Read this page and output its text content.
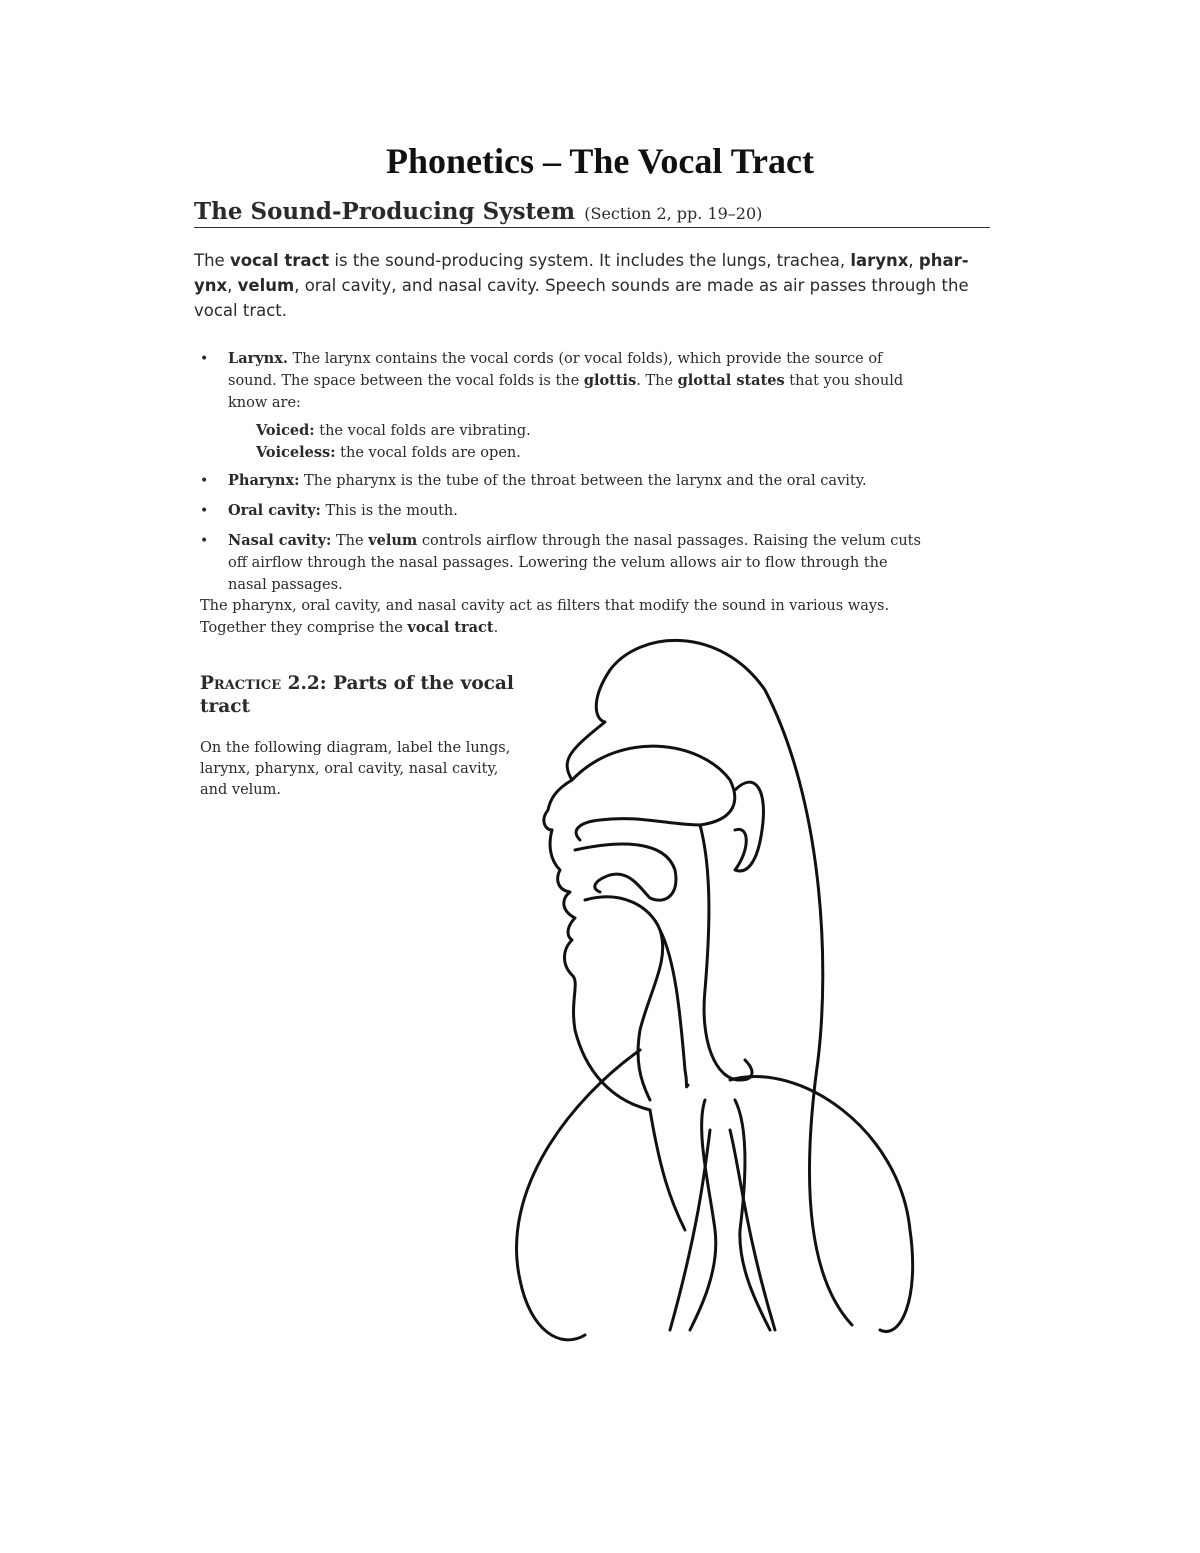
Phonetics – The Vocal Tract
The Sound-Producing System (Section 2, pp. 19–20)

The vocal tract is the sound-producing system. It includes the lungs, trachea, larynx, phar-ynx, velum, oral cavity, and nasal cavity. Speech sounds are made as air passes through the vocal tract.

• Larynx. The larynx contains the vocal cords (or vocal folds), which provide the source of sound. The space between the vocal folds is the glottis. The glottal states that you should know are:
Voiced: the vocal folds are vibrating.
Voiceless: the vocal folds are open.
• Pharynx: The pharynx is the tube of the throat between the larynx and the oral cavity.
• Oral cavity: This is the mouth.
• Nasal cavity: The velum controls airflow through the nasal passages. Raising the velum cuts off airflow through the nasal passages. Lowering the velum allows air to flow through the nasal passages.

The pharynx, oral cavity, and nasal cavity act as filters that modify the sound in various ways. Together they comprise the vocal tract.

Practice 2.2: Parts of the vocal tract

On the following diagram, label the lungs, larynx, pharynx, oral cavity, nasal cavity, and velum.
